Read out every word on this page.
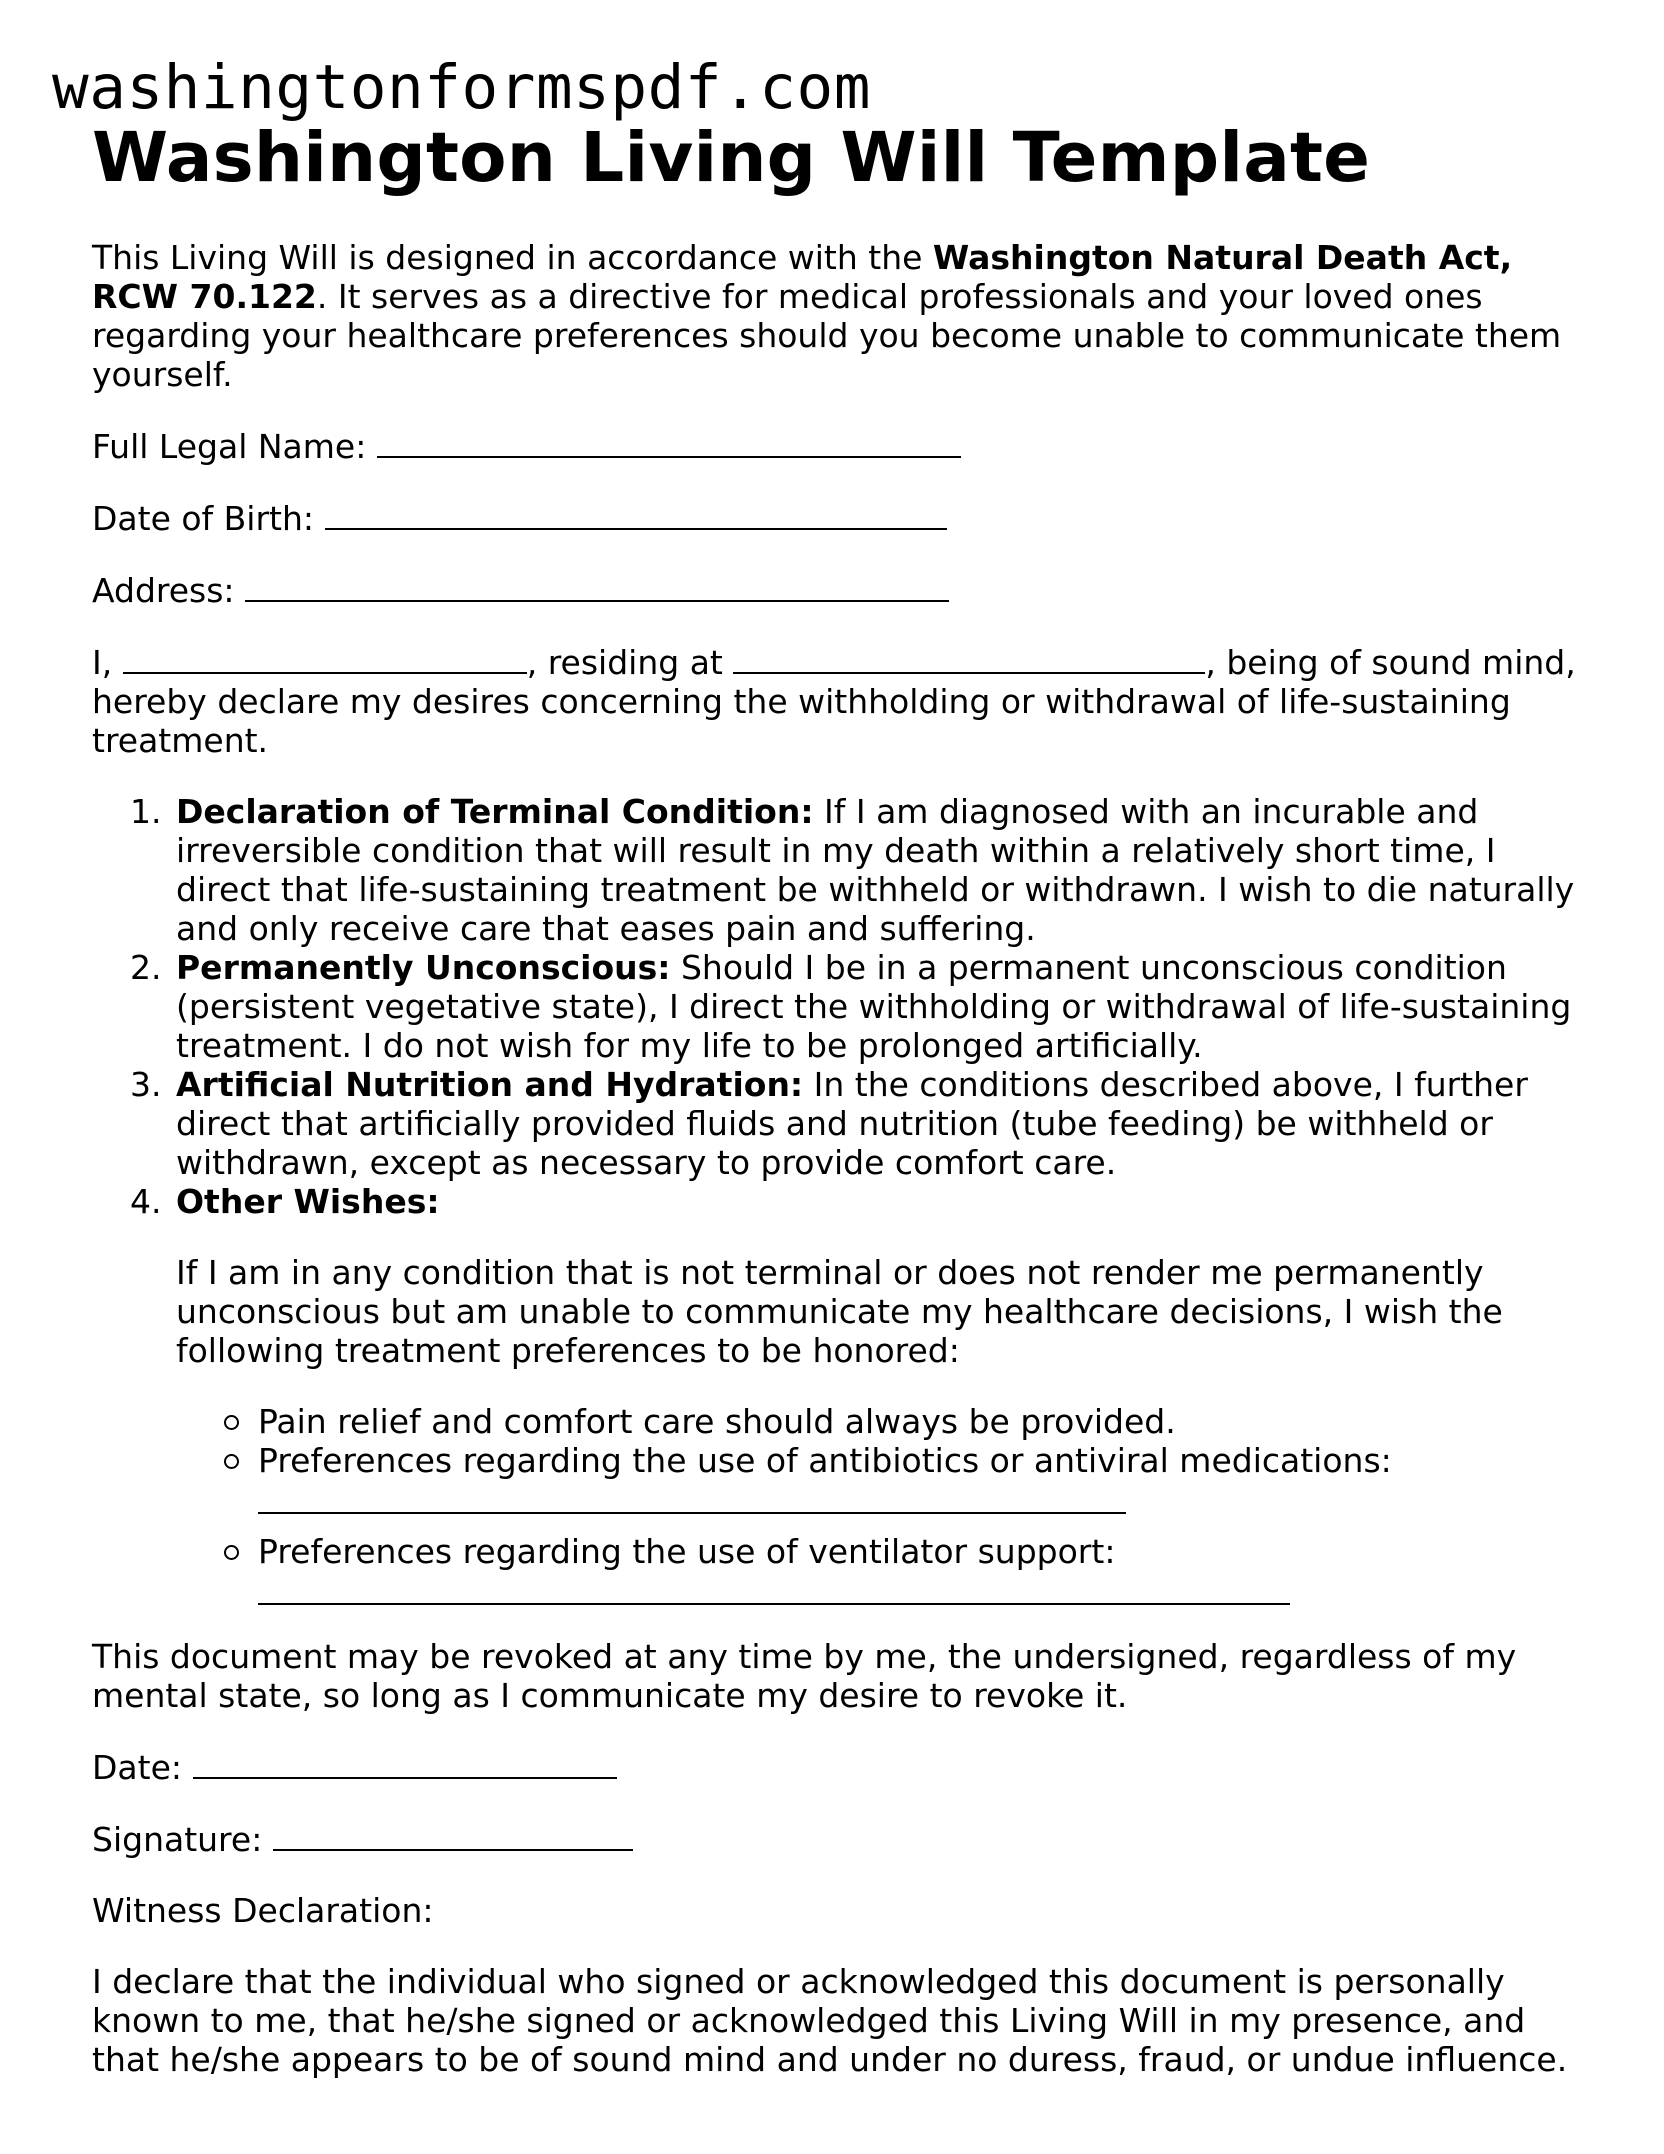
washingtonformspdf.com
Washington Living Will Template

This Living Will is designed in accordance with the Washington Natural Death Act, RCW 70.122. It serves as a directive for medical professionals and your loved ones regarding your healthcare preferences should you become unable to communicate them yourself.

Full Legal Name:
Date of Birth:
Address:

I,	, residing at	, being of sound mind, hereby declare my desires concerning the withholding or withdrawal of life-sustaining treatment.

1. Declaration of Terminal Condition: If I am diagnosed with an incurable and irreversible condition that will result in my death within a relatively short time, I direct that life-sustaining treatment be withheld or withdrawn. I wish to die naturally and only receive care that eases pain and suffering.
2. Permanently Unconscious: Should I be in a permanent unconscious condition (persistent vegetative state), I direct the withholding or withdrawal of life-sustaining treatment. I do not wish for my life to be prolonged artificially.
3. Artificial Nutrition and Hydration: In the conditions described above, I further direct that artificially provided fluids and nutrition (tube feeding) be withheld or withdrawn, except as necessary to provide comfort care.
4. Other Wishes:

If I am in any condition that is not terminal or does not render me permanently unconscious but am unable to communicate my healthcare decisions, I wish the following treatment preferences to be honored:

Pain relief and comfort care should always be provided.
Preferences regarding the use of antibiotics or antiviral medications:
Preferences regarding the use of ventilator support:

This document may be revoked at any time by me, the undersigned, regardless of my mental state, so long as I communicate my desire to revoke it.

Date:
Signature:

Witness Declaration:

I declare that the individual who signed or acknowledged this document is personally known to me, that he/she signed or acknowledged this Living Will in my presence, and that he/she appears to be of sound mind and under no duress, fraud, or undue influence.
